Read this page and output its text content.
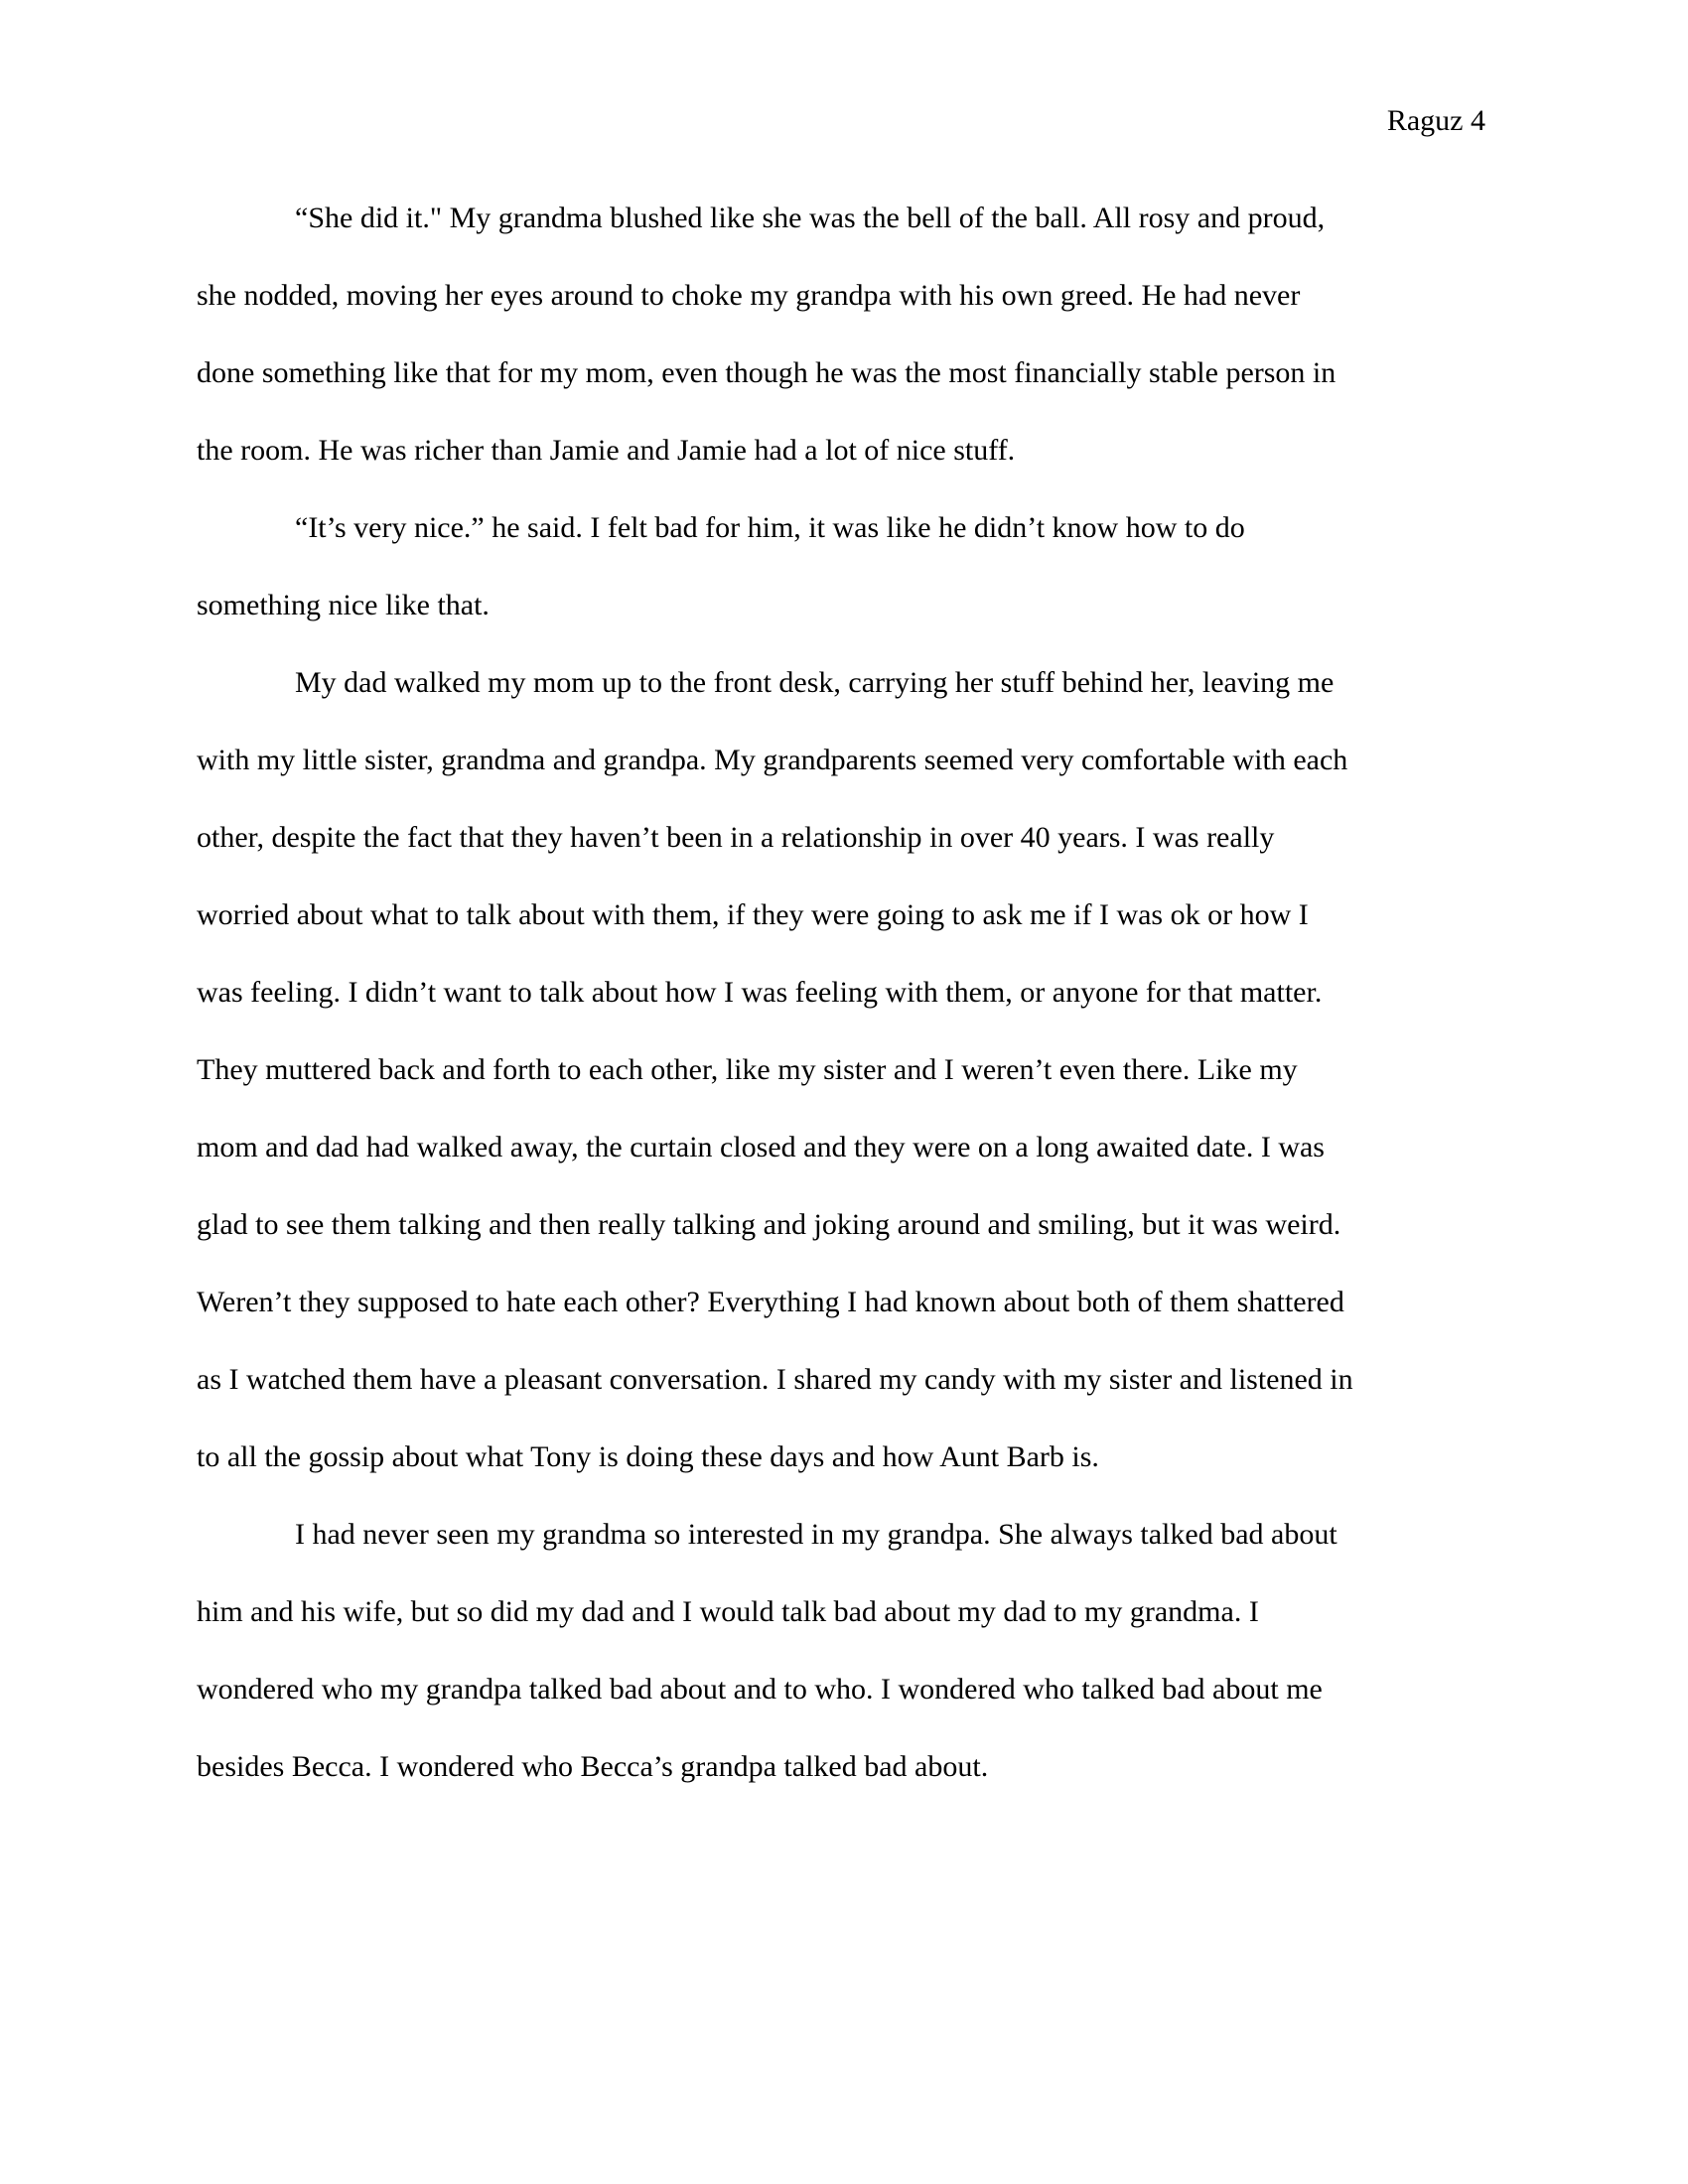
Raguz 4
“She did it." My grandma blushed like she was the bell of the ball. All rosy and proud,
she nodded, moving her eyes around to choke my grandpa with his own greed. He had never
done something like that for my mom, even though he was the most financially stable person in
the room. He was richer than Jamie and Jamie had a lot of nice stuff.
“It’s very nice.” he said. I felt bad for him, it was like he didn’t know how to do
something nice like that.
My dad walked my mom up to the front desk, carrying her stuff behind her, leaving me
with my little sister, grandma and grandpa. My grandparents seemed very comfortable with each
other, despite the fact that they haven’t been in a relationship in over 40 years. I was really
worried about what to talk about with them, if they were going to ask me if I was ok or how I
was feeling. I didn’t want to talk about how I was feeling with them, or anyone for that matter.
They muttered back and forth to each other, like my sister and I weren’t even there. Like my
mom and dad had walked away, the curtain closed and they were on a long awaited date. I was
glad to see them talking and then really talking and joking around and smiling, but it was weird.
Weren’t they supposed to hate each other? Everything I had known about both of them shattered
as I watched them have a pleasant conversation. I shared my candy with my sister and listened in
to all the gossip about what Tony is doing these days and how Aunt Barb is.
I had never seen my grandma so interested in my grandpa. She always talked bad about
him and his wife, but so did my dad and I would talk bad about my dad to my grandma. I
wondered who my grandpa talked bad about and to who. I wondered who talked bad about me
besides Becca. I wondered who Becca’s grandpa talked bad about.
